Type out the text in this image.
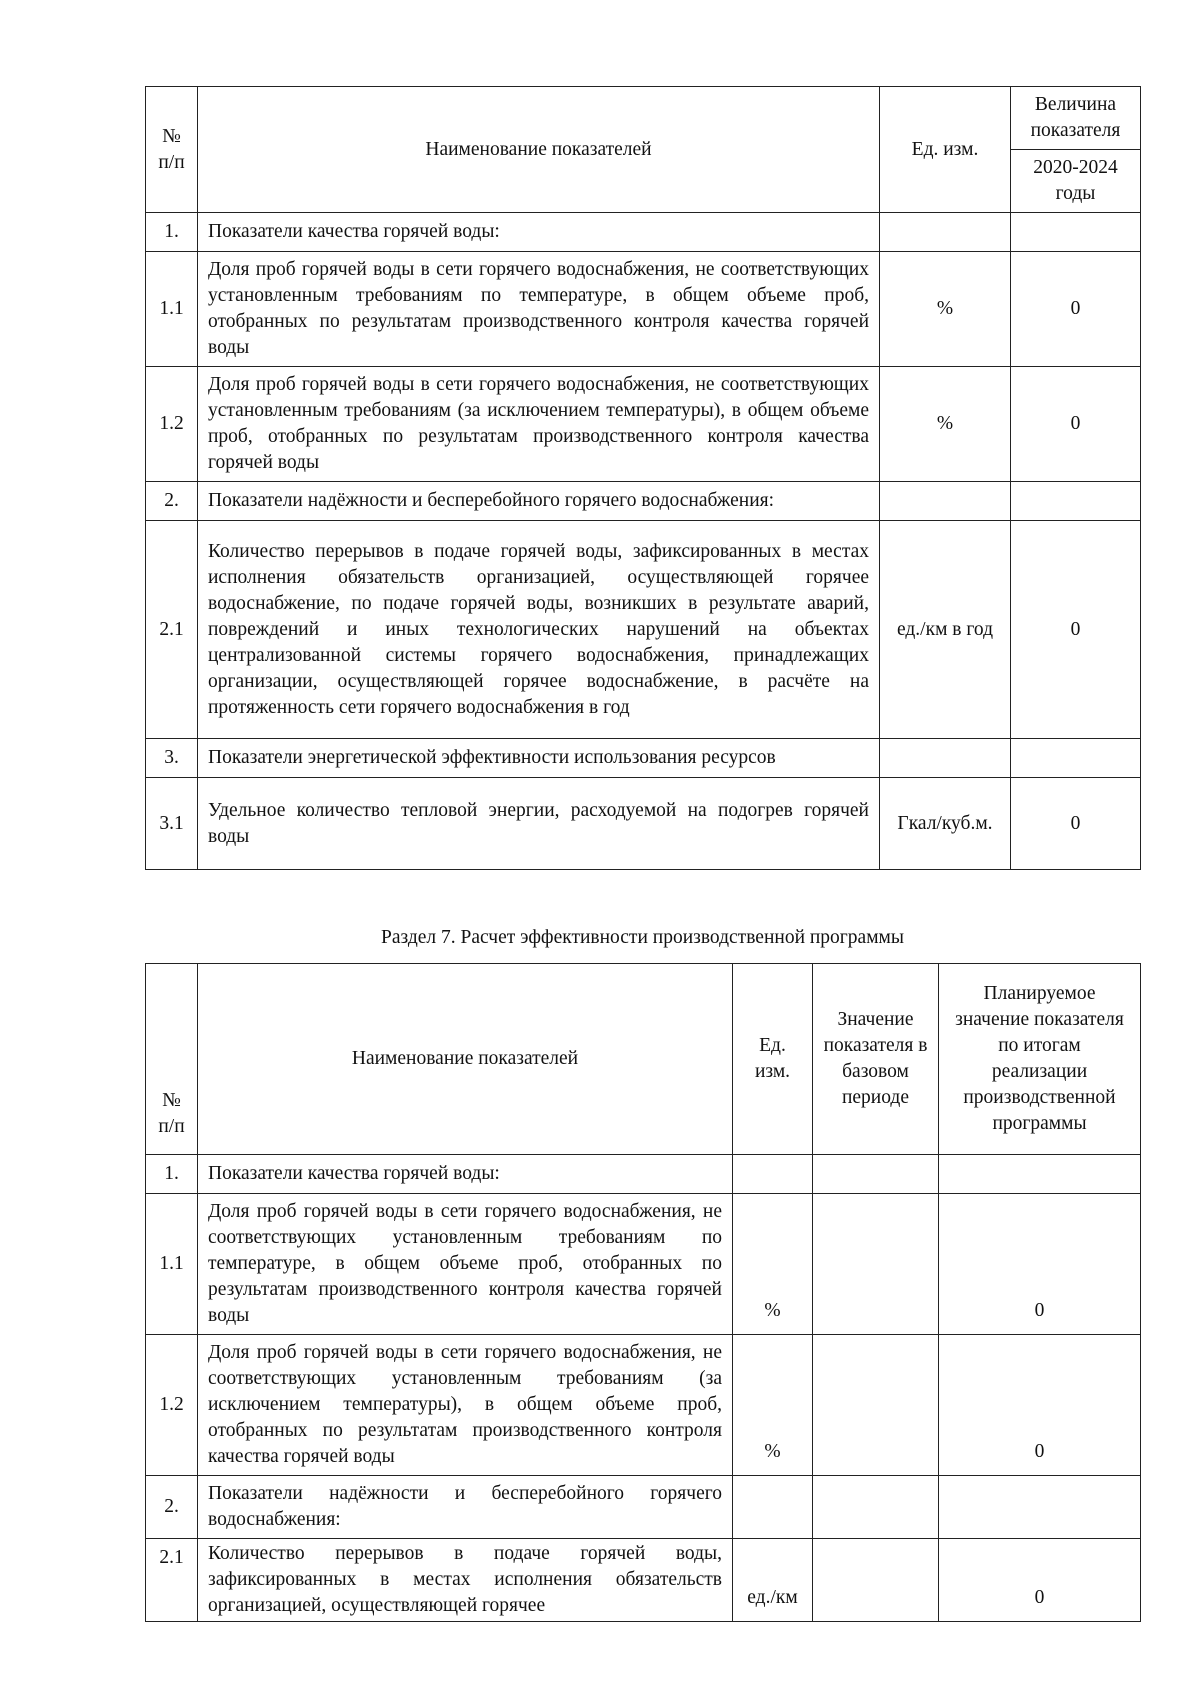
№ п/п	Наименование показателей	Ед. изм.	Величина показателя
			2020-2024 годы
1.	Показатели качества горячей воды:		
1.1	Доля проб горячей воды в сети горячего водоснабжения, не соответствующих установленным требованиям по температуре, в общем объеме проб, отобранных по результатам производственного контроля качества горячей воды	%	0
1.2	Доля проб горячей воды в сети горячего водоснабжения, не соответствующих установленным требованиям (за исключением температуры), в общем объеме проб, отобранных по результатам производственного контроля качества горячей воды	%	0
2.	Показатели надёжности и бесперебойного горячего водоснабжения:		
2.1	Количество перерывов в подаче горячей воды, зафиксированных в местах исполнения обязательств организацией, осуществляющей горячее водоснабжение, по подаче горячей воды, возникших в результате аварий, повреждений и иных технологических нарушений на объектах централизованной системы горячего водоснабжения, принадлежащих организации, осуществляющей горячее водоснабжение, в расчёте на протяженность сети горячего водоснабжения в год	ед./км в год	0
3.	Показатели энергетической эффективности использования ресурсов		
3.1	Удельное количество тепловой энергии, расходуемой на подогрев горячей воды	Гкал/куб.м.	0
Раздел 7. Расчет эффективности производственной программы
№ п/п	Наименование показателей	Ед. изм.	Значение показателя в базовом периоде	Планируемое значение показателя по итогам реализации производственной программы
1.	Показатели качества горячей воды:			
1.1	Доля проб горячей воды в сети горячего водоснабжения, не соответствующих установленным требованиям по температуре, в общем объеме проб, отобранных по результатам производственного контроля качества горячей воды	%		0
1.2	Доля проб горячей воды в сети горячего водоснабжения, не соответствующих установленным требованиям (за исключением температуры), в общем объеме проб, отобранных по результатам производственного контроля качества горячей воды	%		0
2.	Показатели надёжности и бесперебойного горячего водоснабжения:			
2.1	Количество перерывов в подаче горячей воды, зафиксированных в местах исполнения обязательств организацией, осуществляющей горячее	ед./км		0
